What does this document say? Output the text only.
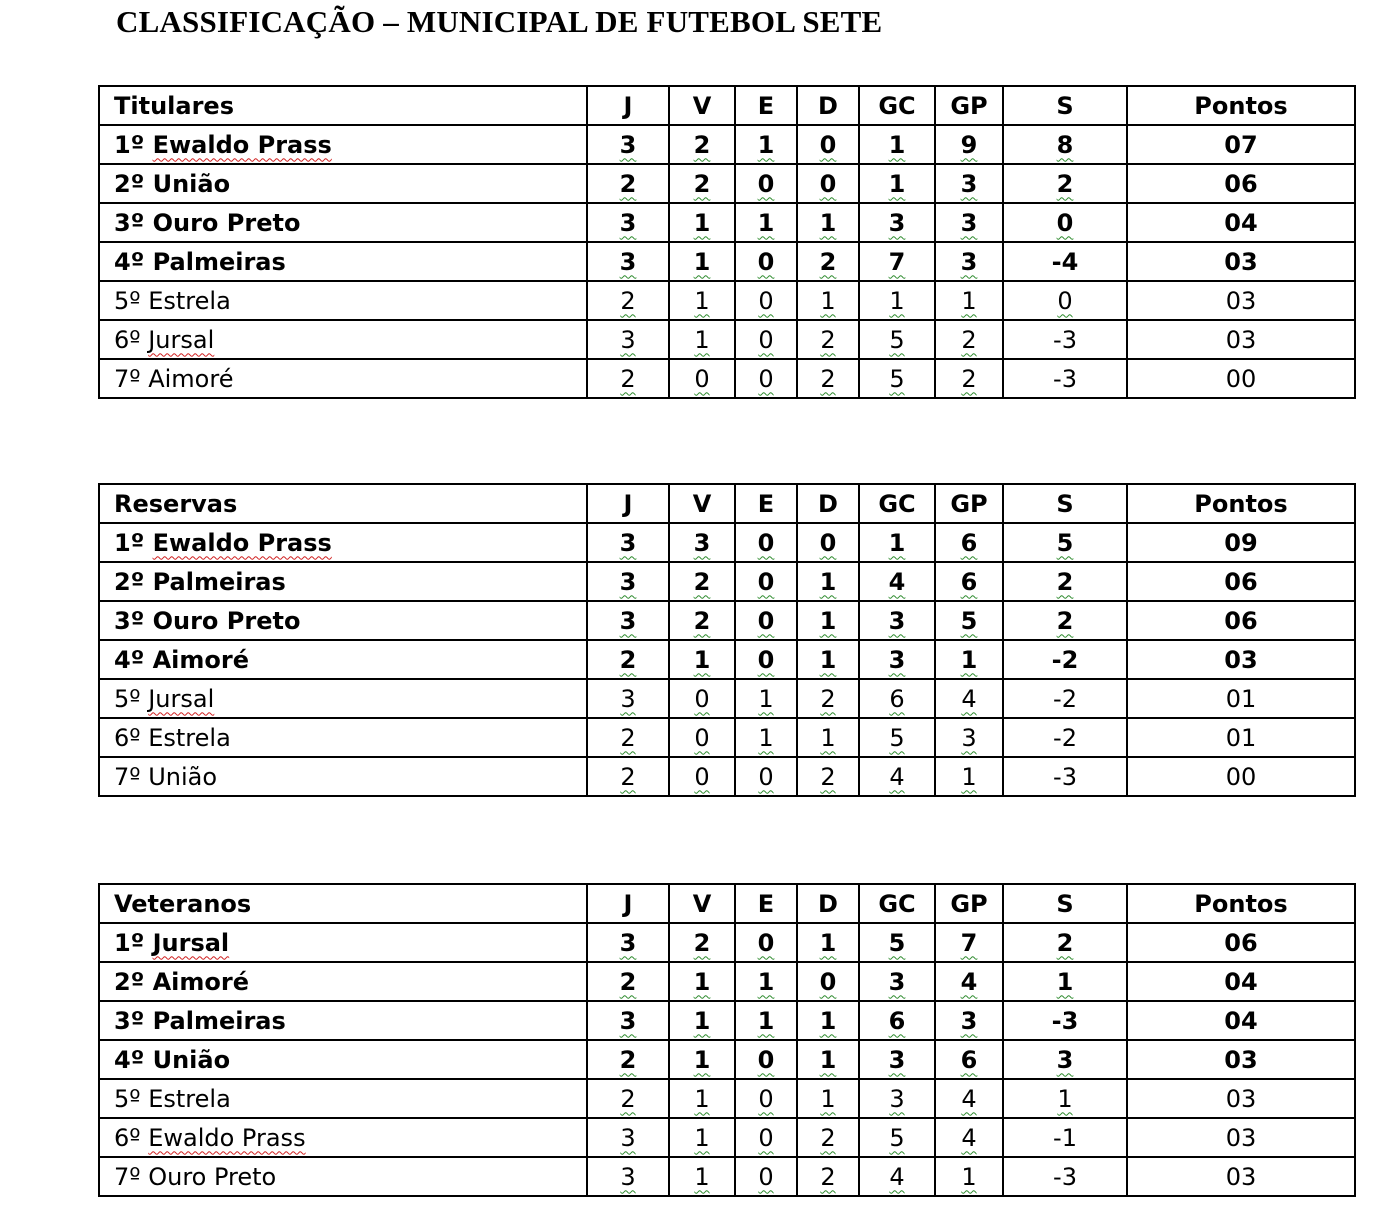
CLASSIFICAÇÃO – MUNICIPAL DE FUTEBOL SETE
Titulares	J	V	E	D	GC	GP	S	Pontos
1º Ewaldo Prass	3	2	1	0	1	9	8	07
2º União	2	2	0	0	1	3	2	06
3º Ouro Preto	3	1	1	1	3	3	0	04
4º Palmeiras	3	1	0	2	7	3	-4	03
5º Estrela	2	1	0	1	1	1	0	03
6º Jursal	3	1	0	2	5	2	-3	03
7º Aimoré	2	0	0	2	5	2	-3	00
Reservas	J	V	E	D	GC	GP	S	Pontos
1º Ewaldo Prass	3	3	0	0	1	6	5	09
2º Palmeiras	3	2	0	1	4	6	2	06
3º Ouro Preto	3	2	0	1	3	5	2	06
4º Aimoré	2	1	0	1	3	1	-2	03
5º Jursal	3	0	1	2	6	4	-2	01
6º Estrela	2	0	1	1	5	3	-2	01
7º União	2	0	0	2	4	1	-3	00
Veteranos	J	V	E	D	GC	GP	S	Pontos
1º Jursal	3	2	0	1	5	7	2	06
2º Aimoré	2	1	1	0	3	4	1	04
3º Palmeiras	3	1	1	1	6	3	-3	04
4º União	2	1	0	1	3	6	3	03
5º Estrela	2	1	0	1	3	4	1	03
6º Ewaldo Prass	3	1	0	2	5	4	-1	03
7º Ouro Preto	3	1	0	2	4	1	-3	03
